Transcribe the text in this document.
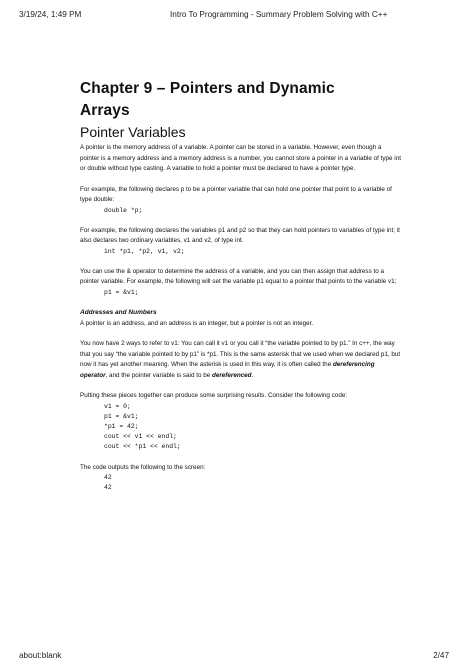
3/19/24, 1:49 PM	Intro To Programming - Summary Problem Solving with C++
Chapter 9 – Pointers and Dynamic
Arrays
Pointer Variables

A pointer is the memory address of a variable. A pointer can be stored in a variable. However, even though a pointer is a memory address and a memory address is a number, you cannot store a pointer in a variable of type int or double without type casting. A variable to hold a pointer must be declared to have a pointer type.

For example, the following declares p to be a pointer variable that can hold one pointer that point to a variable of type double:

double *p;

For example, the following declares the variables p1 and p2 so that they can hold pointers to variables of type int; it also declares two ordinary variables, v1 and v2, of type int.

int *p1, *p2, v1, v2;

You can use the & operator to determine the address of a variable, and you can then assign that address to a pointer variable. For example, the following will set the variable p1 equal to a pointer that points to the variable v1;

p1 = &v1;

Addresses and Numbers

A pointer is an address, and an address is an integer, but a pointer is not an integer.

You now have 2 ways to refer to v1: You can call it v1 or you call it “the variable pointed to by p1.” In c++, the way that you say “the variable pointed to by p1” is *p1. This is the same asterisk that we used when we declared p1, but now it has yet another meaning. When the asterisk is used in this way, it is often called the dereferencing operator, and the pointer variable is said to be dereferenced.

Putting these pieces together can produce some surprising results. Consider the following code:

v1 = 0;

p1 = &v1;

*p1 = 42;

cout << v1 << endl;

cout << *p1 << endl;

The code outputs the following to the screen:

42

42

about:blank	2/47
